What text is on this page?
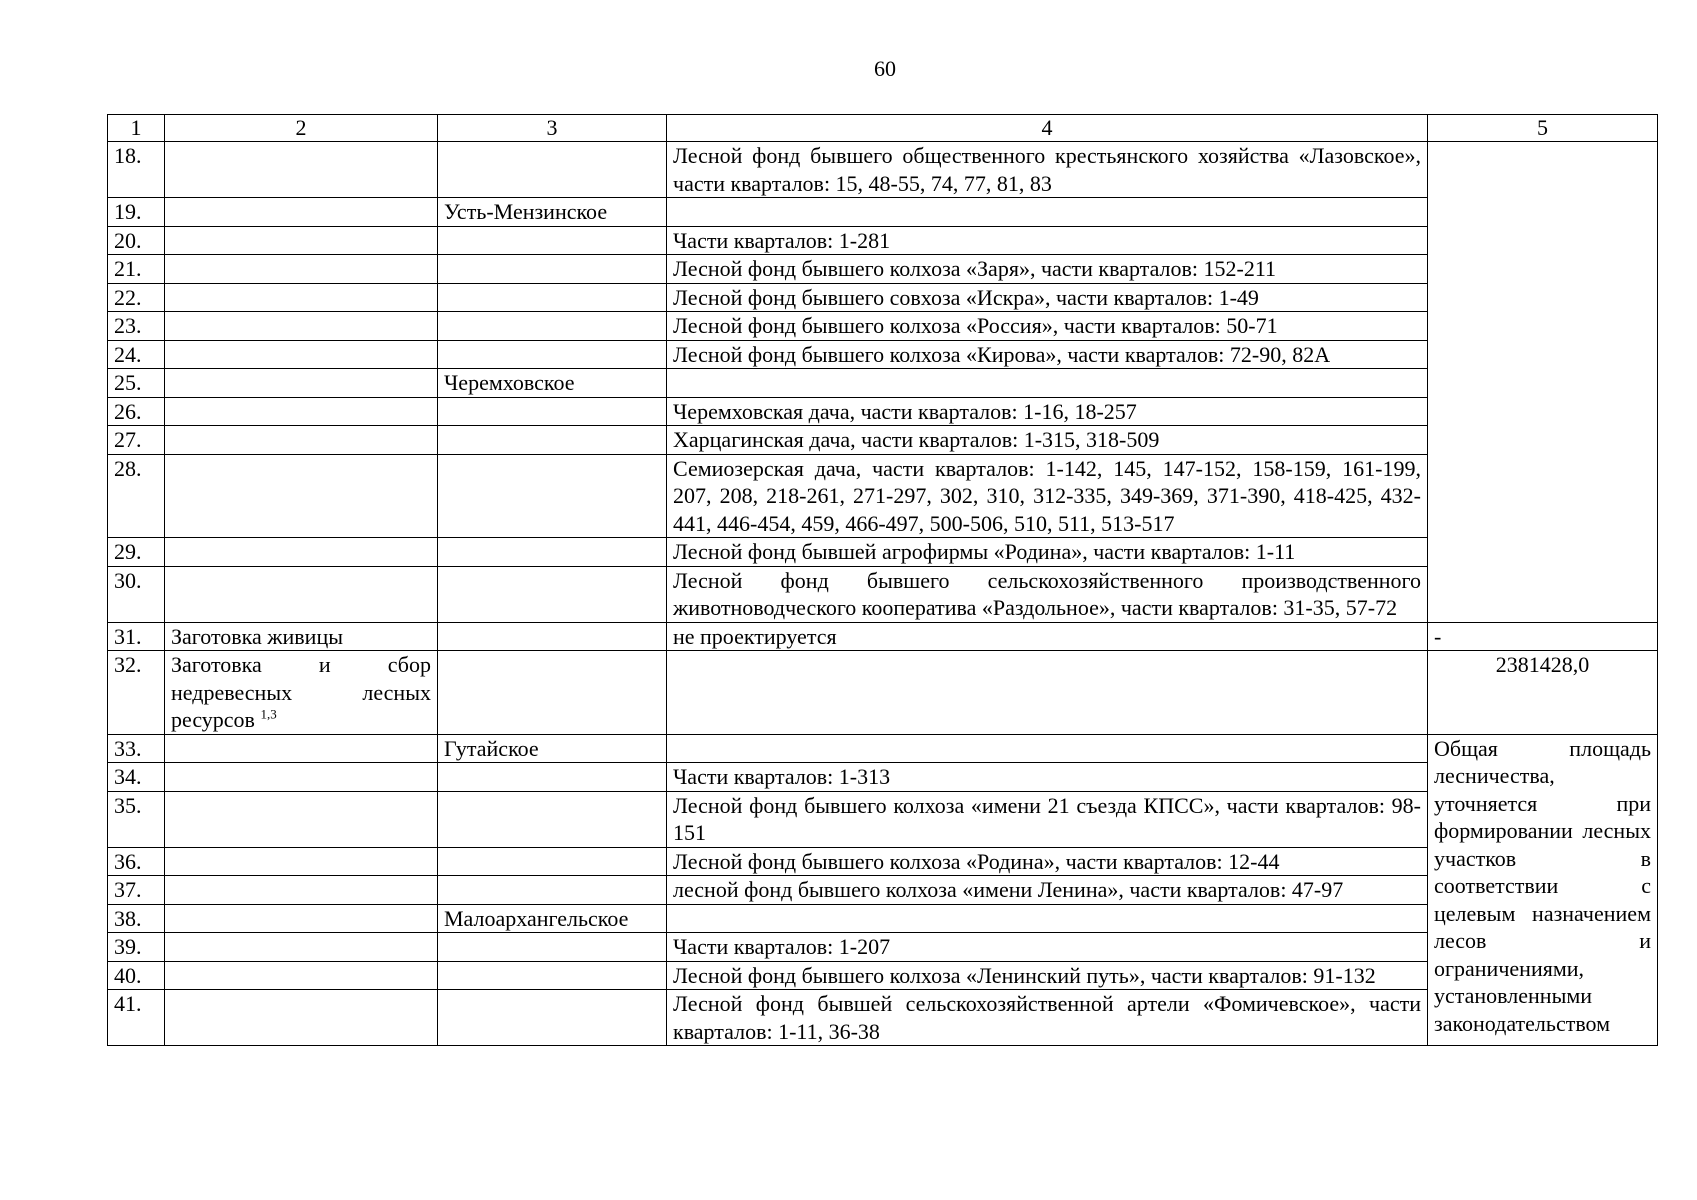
60
1	2	3	4	5
18.			Лесной фонд бывшего общественного крестьянского хозяйства «Лазовское», части кварталов: 15, 48-55, 74, 77, 81, 83	
19.		Усть-Мензинское		
20.			Части кварталов: 1-281	
21.			Лесной фонд бывшего колхоза «Заря», части кварталов: 152-211	
22.			Лесной фонд бывшего совхоза «Искра», части кварталов: 1-49	
23.			Лесной фонд бывшего колхоза «Россия», части кварталов: 50-71	
24.			Лесной фонд бывшего колхоза «Кирова», части кварталов: 72-90, 82А	
25.		Черемховское		
26.			Черемховская дача, части кварталов: 1-16, 18-257	
27.			Харцагинская дача, части кварталов: 1-315, 318-509	
28.			Семиозерская дача, части кварталов: 1-142, 145, 147-152, 158-159, 161-199, 207, 208, 218-261, 271-297, 302, 310, 312-335, 349-369, 371-390, 418-425, 432-441, 446-454, 459, 466-497, 500-506, 510, 511, 513-517	
29.			Лесной фонд бывшей агрофирмы «Родина», части кварталов: 1-11	
30.			Лесной фонд бывшего сельскохозяйственного производственного животноводческого кооператива «Раздольное», части кварталов: 31-35, 57-72	
31.	Заготовка живицы		не проектируется	-
32.	Заготовка и сбор недревесных лесных ресурсов $^{1,3}$			2381428,0
33.		Гутайское		Общая площадь лесничества, уточняется при формировании лесных участков в соответствии с целевым назначением лесов и ограничениями, установленными законодательством
34.			Части кварталов: 1-313	
35.			Лесной фонд бывшего колхоза «имени 21 съезда КПСС», части кварталов: 98-151	
36.			Лесной фонд бывшего колхоза «Родина», части кварталов: 12-44	
37.			лесной фонд бывшего колхоза «имени Ленина», части кварталов: 47-97	
38.		Малоархангельское		
39.			Части кварталов: 1-207	
40.			Лесной фонд бывшего колхоза «Ленинский путь», части кварталов: 91-132	
41.			Лесной фонд бывшей сельскохозяйственной артели «Фомичевское», части кварталов: 1-11, 36-38	
